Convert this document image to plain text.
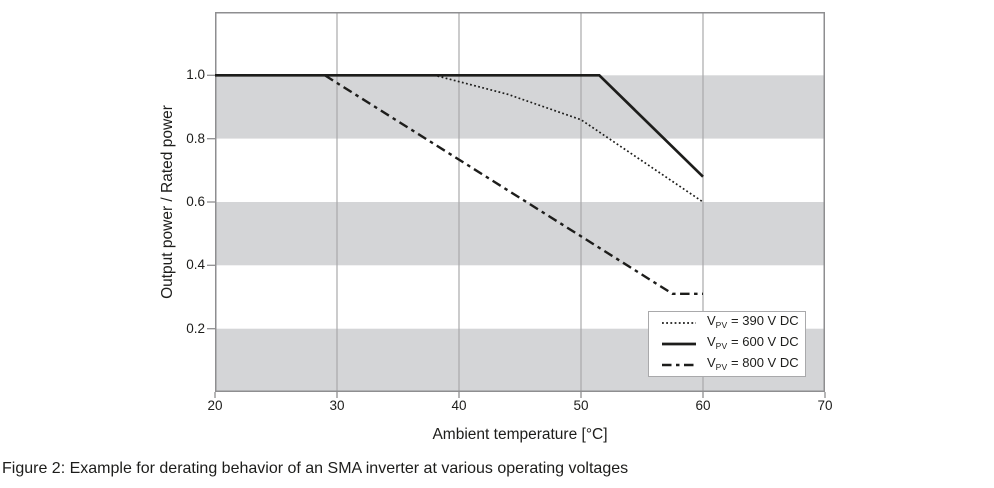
Output power / Rated power
$V_{PV} = 390$ V DC
$V_{PV} = 600$ V DC
$V_{PV} = 800$ V DC
Ambient temperature [°C]
Figure 2: Example for derating behavior of an SMA inverter at various operating voltages
20	30	40	50	60	70
0.2
0.4
0.6
0.8
1.0
